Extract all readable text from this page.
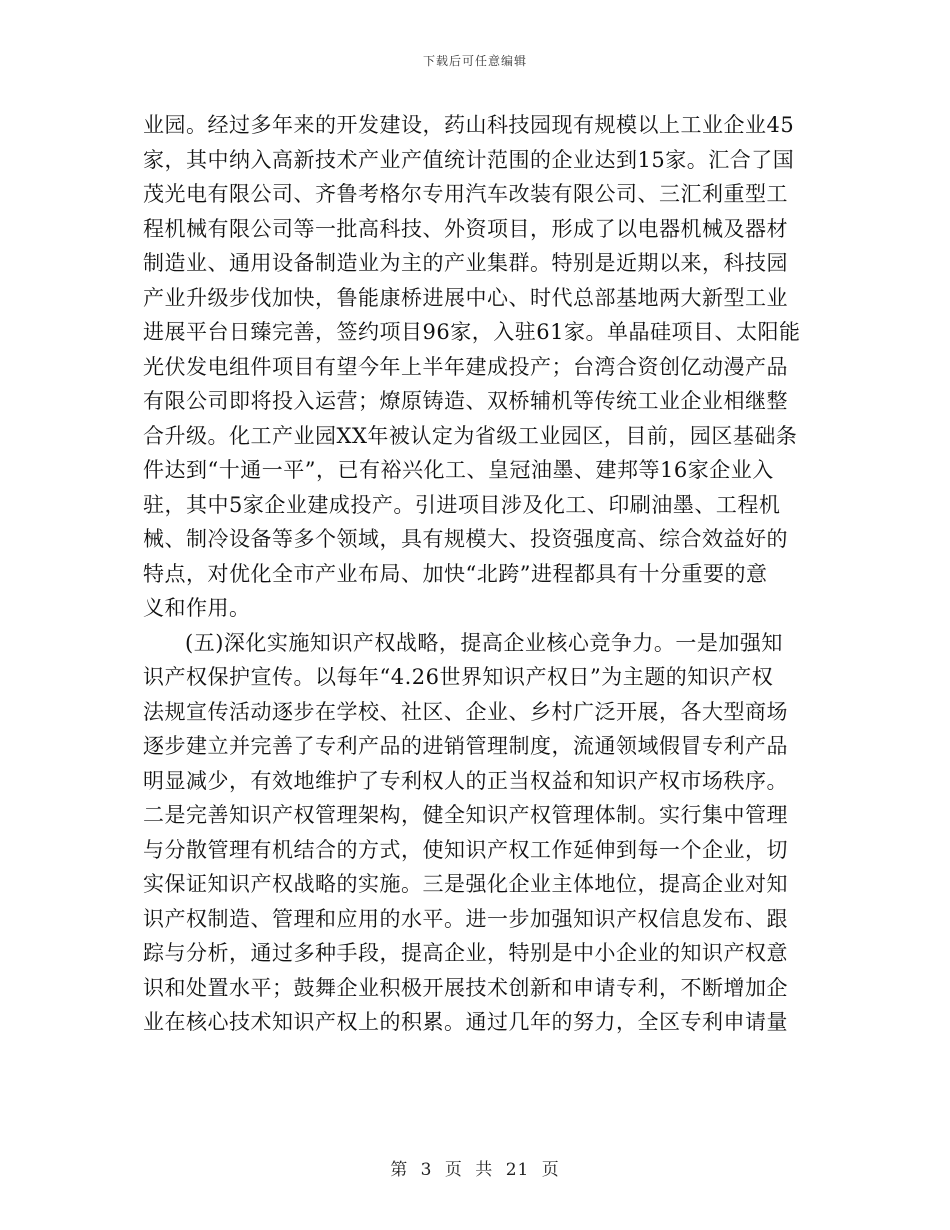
下载后可任意编辑
业园。经过多年来的开发建设，药山科技园现有规模以上工业企业45
家，其中纳入高新技术产业产值统计范围的企业达到15家。汇合了国
茂光电有限公司、齐鲁考格尔专用汽车改装有限公司、三汇利重型工
程机械有限公司等一批高科技、外资项目，形成了以电器机械及器材
制造业、通用设备制造业为主的产业集群。特别是近期以来，科技园
产业升级步伐加快，鲁能康桥进展中心、时代总部基地两大新型工业
进展平台日臻完善，签约项目96家，入驻61家。单晶硅项目、太阳能
光伏发电组件项目有望今年上半年建成投产；台湾合资创亿动漫产品
有限公司即将投入运营；燎原铸造、双桥辅机等传统工业企业相继整
合升级。化工产业园XX年被认定为省级工业园区，目前，园区基础条
件达到“十通一平”，已有裕兴化工、皇冠油墨、建邦等16家企业入
驻，其中5家企业建成投产。引进项目涉及化工、印刷油墨、工程机
械、制冷设备等多个领域，具有规模大、投资强度高、综合效益好的
特点，对优化全市产业布局、加快“北跨”进程都具有十分重要的意
义和作用。
(五)深化实施知识产权战略，提高企业核心竞争力。一是加强知
识产权保护宣传。以每年“4.26世界知识产权日”为主题的知识产权
法规宣传活动逐步在学校、社区、企业、乡村广泛开展，各大型商场
逐步建立并完善了专利产品的进销管理制度，流通领域假冒专利产品
明显减少，有效地维护了专利权人的正当权益和知识产权市场秩序。
二是完善知识产权管理架构，健全知识产权管理体制。实行集中管理
与分散管理有机结合的方式，使知识产权工作延伸到每一个企业，切
实保证知识产权战略的实施。三是强化企业主体地位，提高企业对知
识产权制造、管理和应用的水平。进一步加强知识产权信息发布、跟
踪与分析，通过多种手段，提高企业，特别是中小企业的知识产权意
识和处置水平；鼓舞企业积极开展技术创新和申请专利，不断增加企
业在核心技术知识产权上的积累。通过几年的努力，全区专利申请量
第 3 页 共 21 页
